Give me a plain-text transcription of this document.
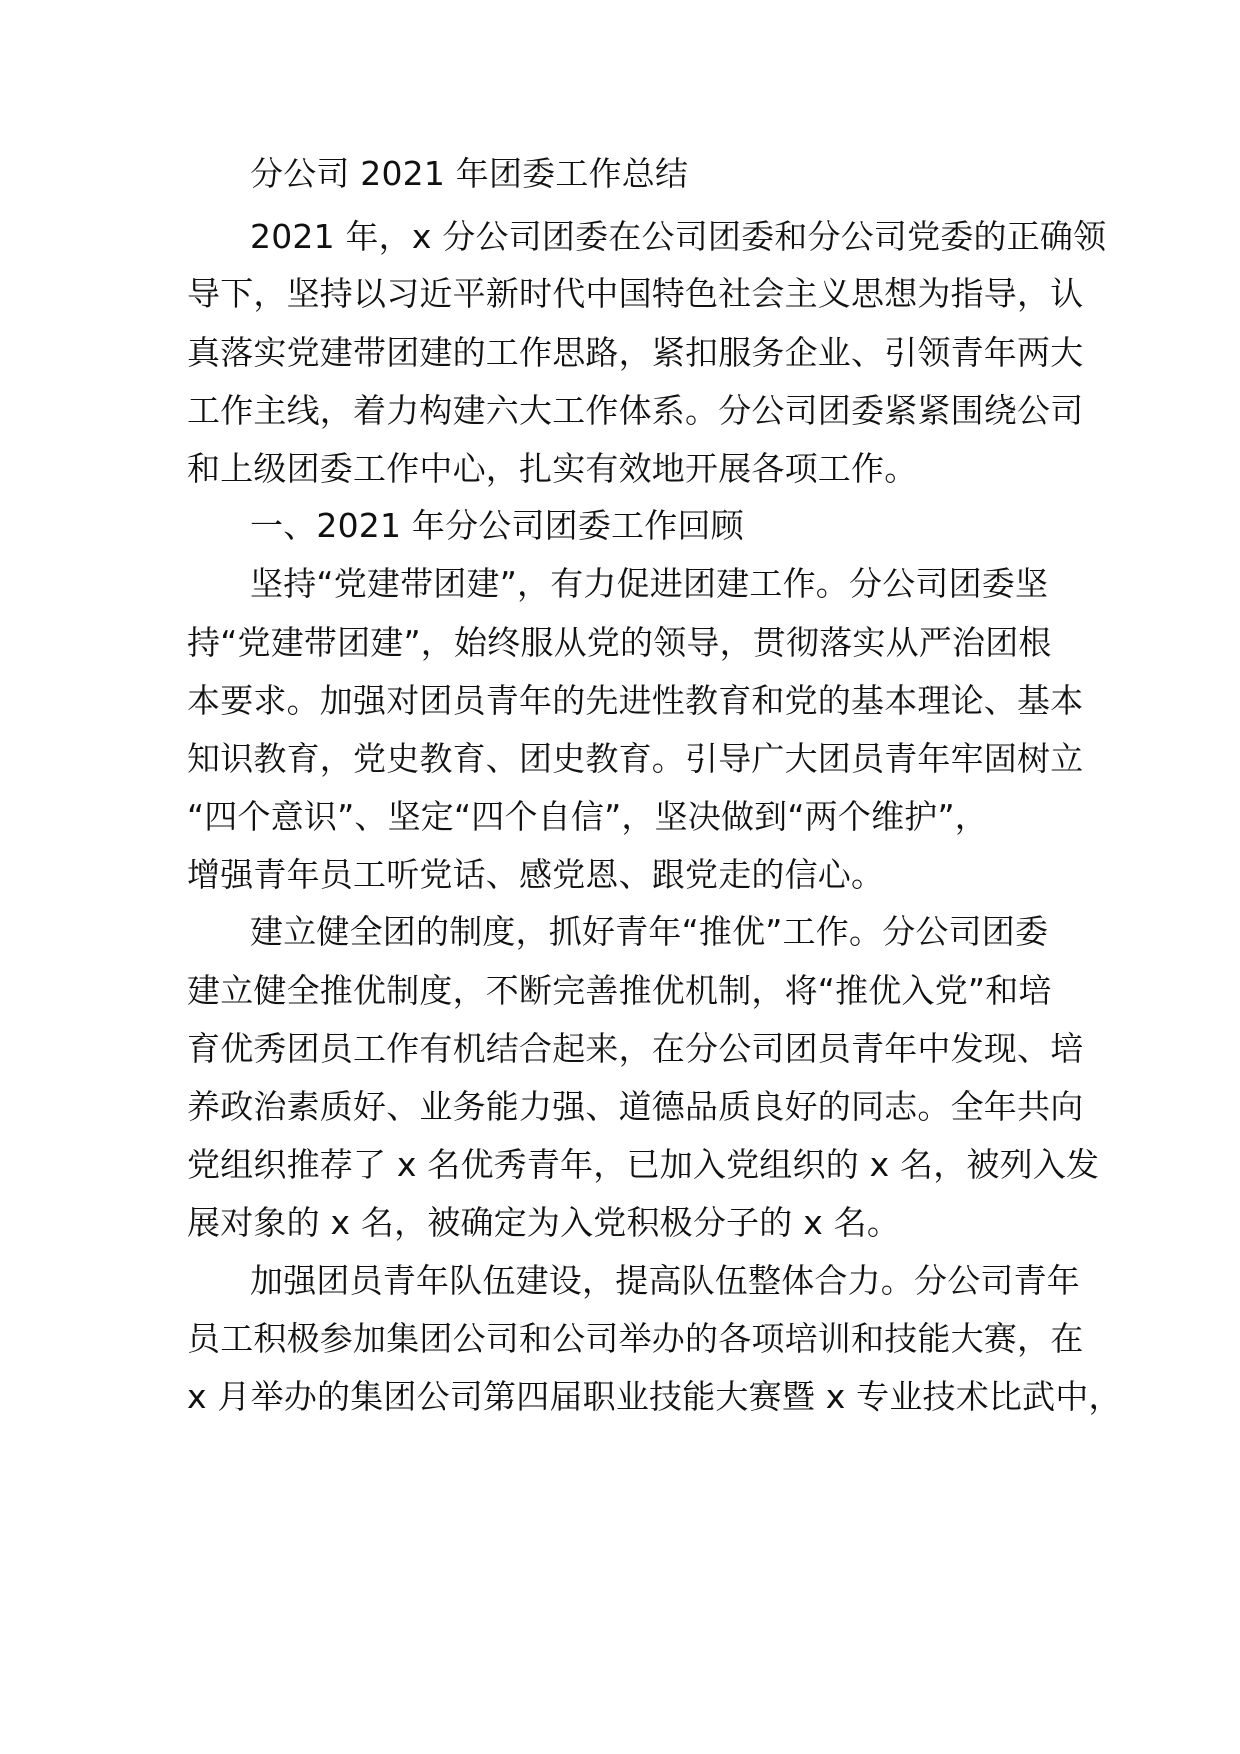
分公司 2021 年团委工作总结
2021 年，x 分公司团委在公司团委和分公司党委的正确领
导下，坚持以习近平新时代中国特色社会主义思想为指导，认
真落实党建带团建的工作思路，紧扣服务企业、引领青年两大
工作主线，着力构建六大工作体系。分公司团委紧紧围绕公司
和上级团委工作中心，扎实有效地开展各项工作。
一、2021 年分公司团委工作回顾
坚持“党建带团建”，有力促进团建工作。分公司团委坚
持“党建带团建”，始终服从党的领导，贯彻落实从严治团根
本要求。加强对团员青年的先进性教育和党的基本理论、基本
知识教育，党史教育、团史教育。引导广大团员青年牢固树立
“四个意识”、坚定“四个自信”，坚决做到“两个维护”，
增强青年员工听党话、感党恩、跟党走的信心。
建立健全团的制度，抓好青年“推优”工作。分公司团委
建立健全推优制度，不断完善推优机制，将“推优入党”和培
育优秀团员工作有机结合起来，在分公司团员青年中发现、培
养政治素质好、业务能力强、道德品质良好的同志。全年共向
党组织推荐了 x 名优秀青年，已加入党组织的 x 名，被列入发
展对象的 x 名，被确定为入党积极分子的 x 名。
加强团员青年队伍建设，提高队伍整体合力。分公司青年
员工积极参加集团公司和公司举办的各项培训和技能大赛，在
x 月举办的集团公司第四届职业技能大赛暨 x 专业技术比武中，
